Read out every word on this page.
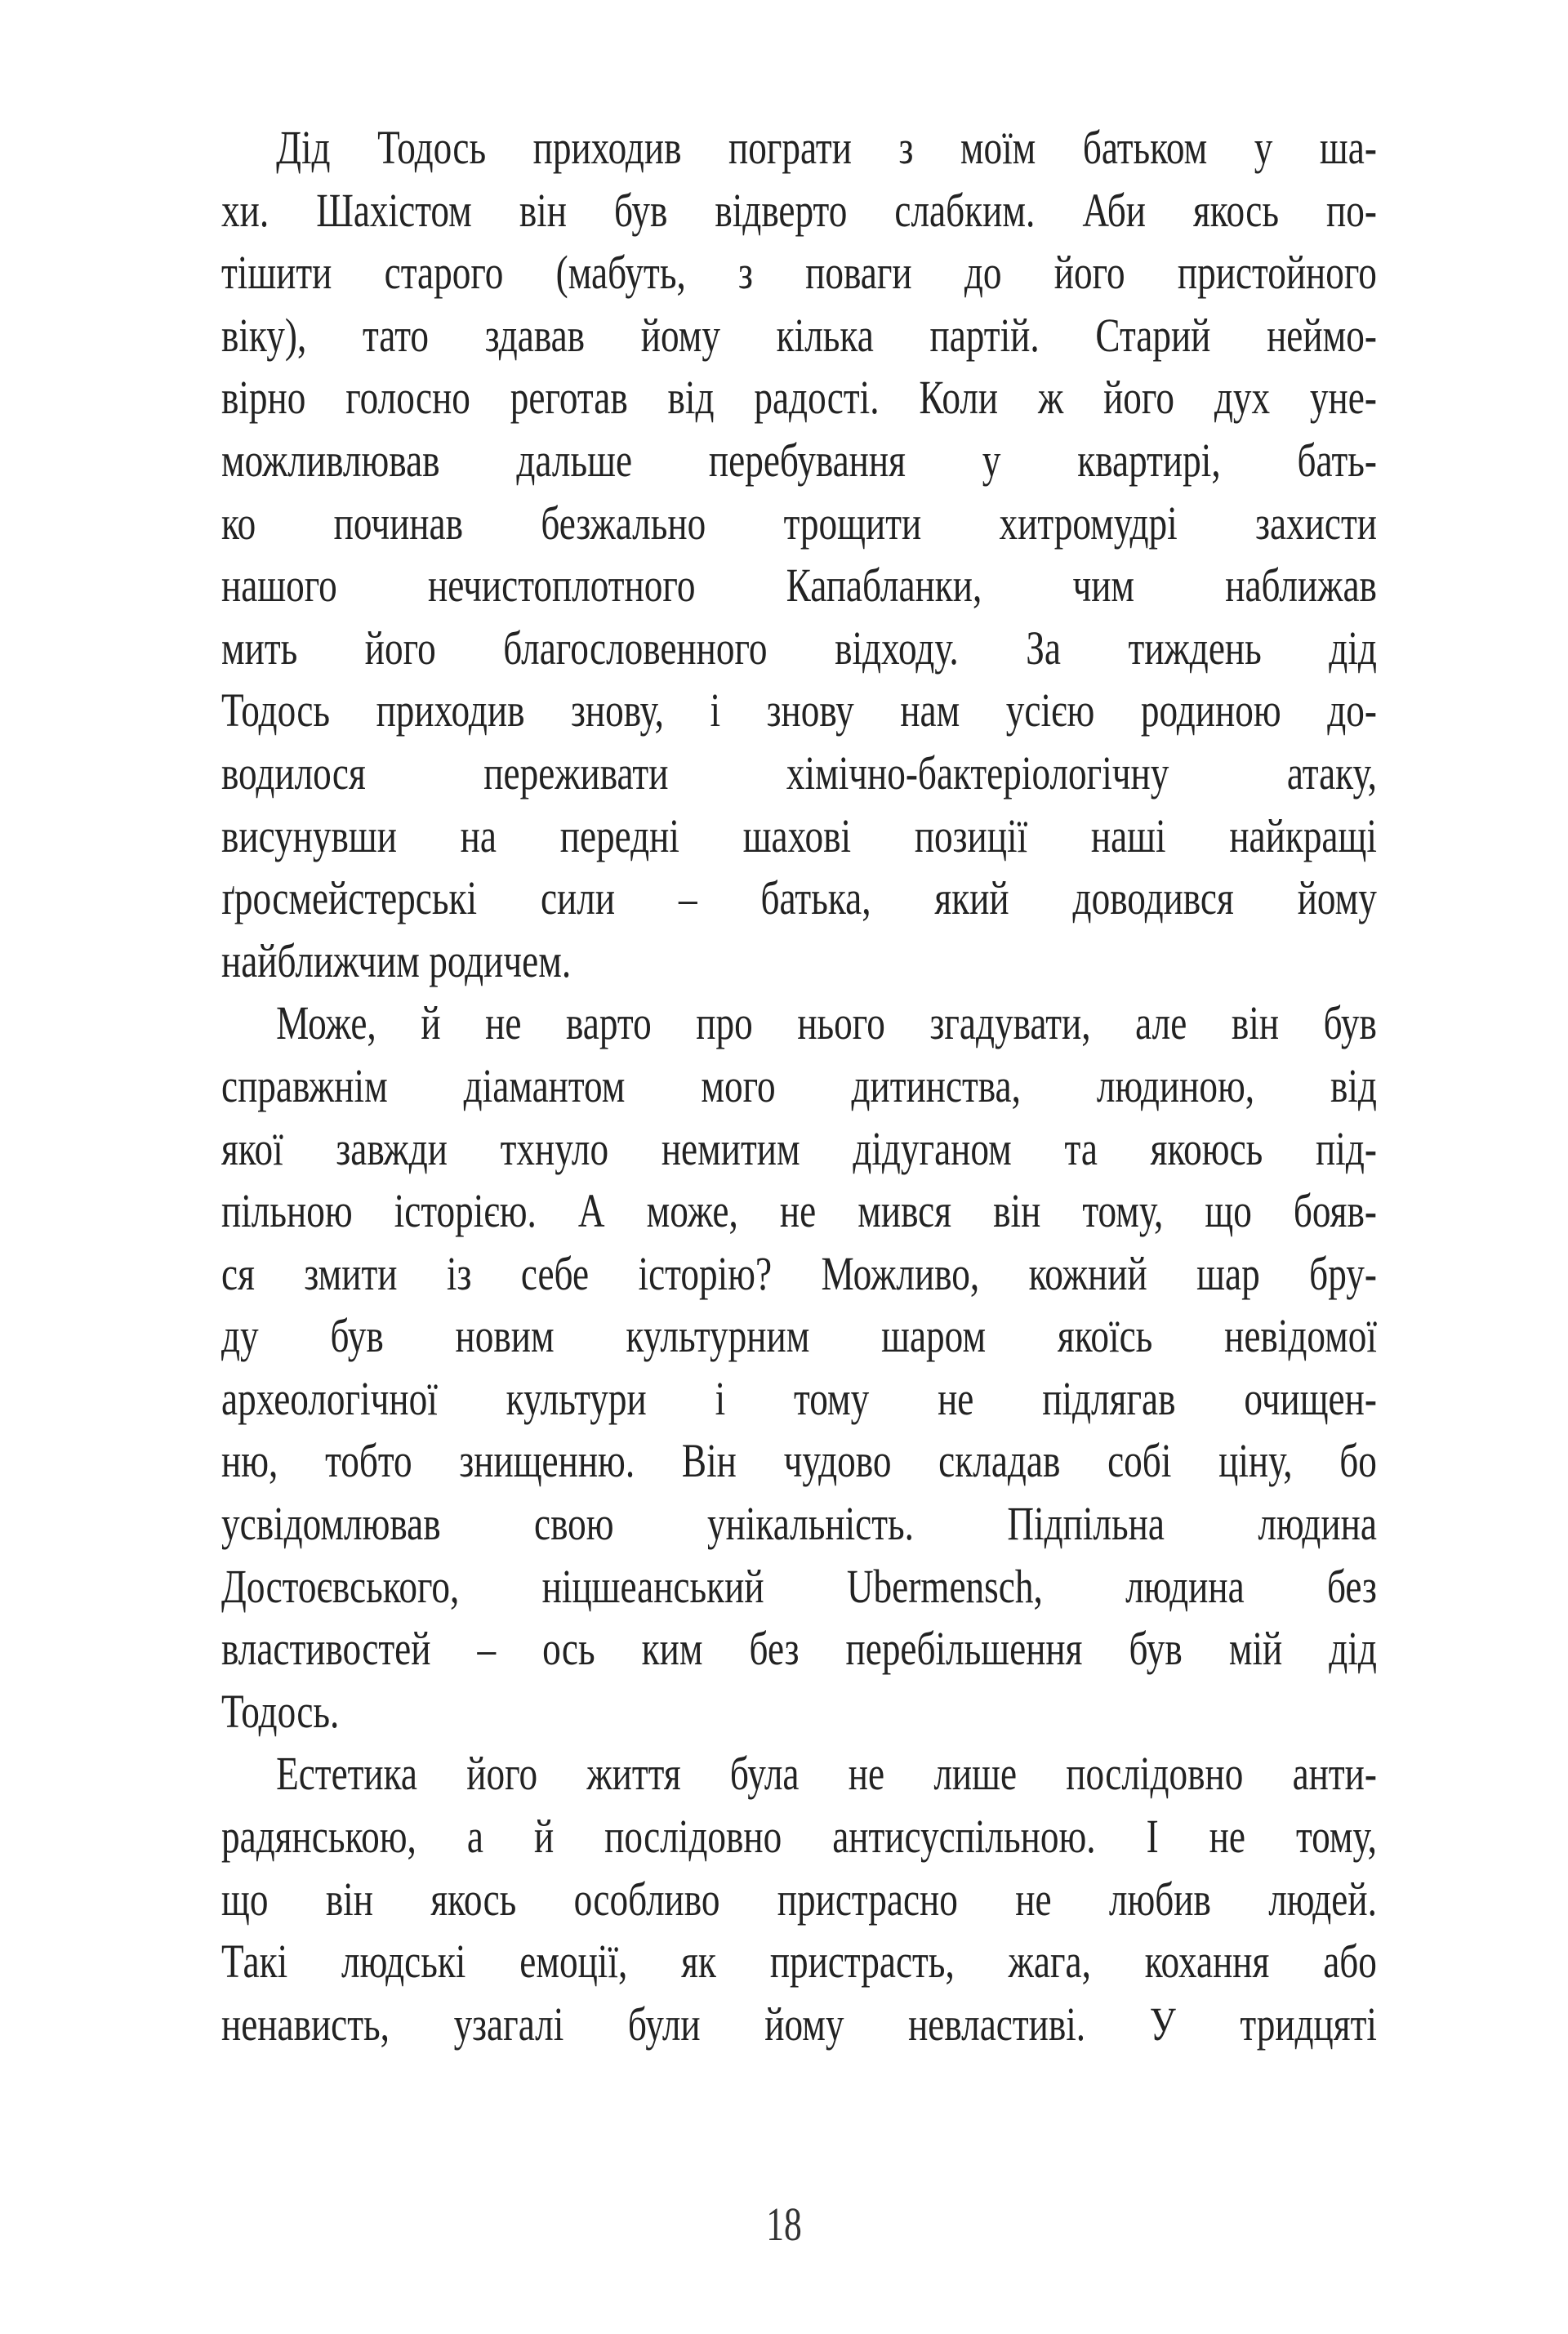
Дід Тодось приходив пограти з моїм батьком у ша-
хи. Шахістом він був відверто слабким. Аби якось по-
тішити старого (мабуть, з поваги до його пристойного
віку), тато здавав йому кілька партій. Старий неймо-
вірно голосно реготав від радості. Коли ж його дух уне-
можливлював дальше перебування у квартирі, бать-
ко починав безжально трощити хитромудрі захисти
нашого нечистоплотного Капабланки, чим наближав
мить його благословенного відходу. За тиждень дід
Тодось приходив знову, і знову нам усією родиною до-
водилося переживати хімічно-бактеріологічну атаку,
висунувши на передні шахові позиції наші найкращі
ґросмейстерські сили – батька, який доводився йому
найближчим родичем.
Може, й не варто про нього згадувати, але він був
справжнім діамантом мого дитинства, людиною, від
якої завжди тхнуло немитим дідуганом та якоюсь під-
пільною історією. А може, не мився він тому, що бояв-
ся змити із себе історію? Можливо, кожний шар бру-
ду був новим культурним шаром якоїсь невідомої
археологічної культури і тому не підлягав очищен-
ню, тобто знищенню. Він чудово складав собі ціну, бо
усвідомлював свою унікальність. Підпільна людина
Достоєвського, ніцшеанський Ubermensch, людина без
властивостей – ось ким без перебільшення був мій дід
Тодось.
Естетика його життя була не лише послідовно анти-
радянською, а й послідовно антисуспільною. І не тому,
що він якось особливо пристрасно не любив людей.
Такі людські емоції, як пристрасть, жага, кохання або
ненависть, узагалі були йому невластиві. У тридцяті
18
